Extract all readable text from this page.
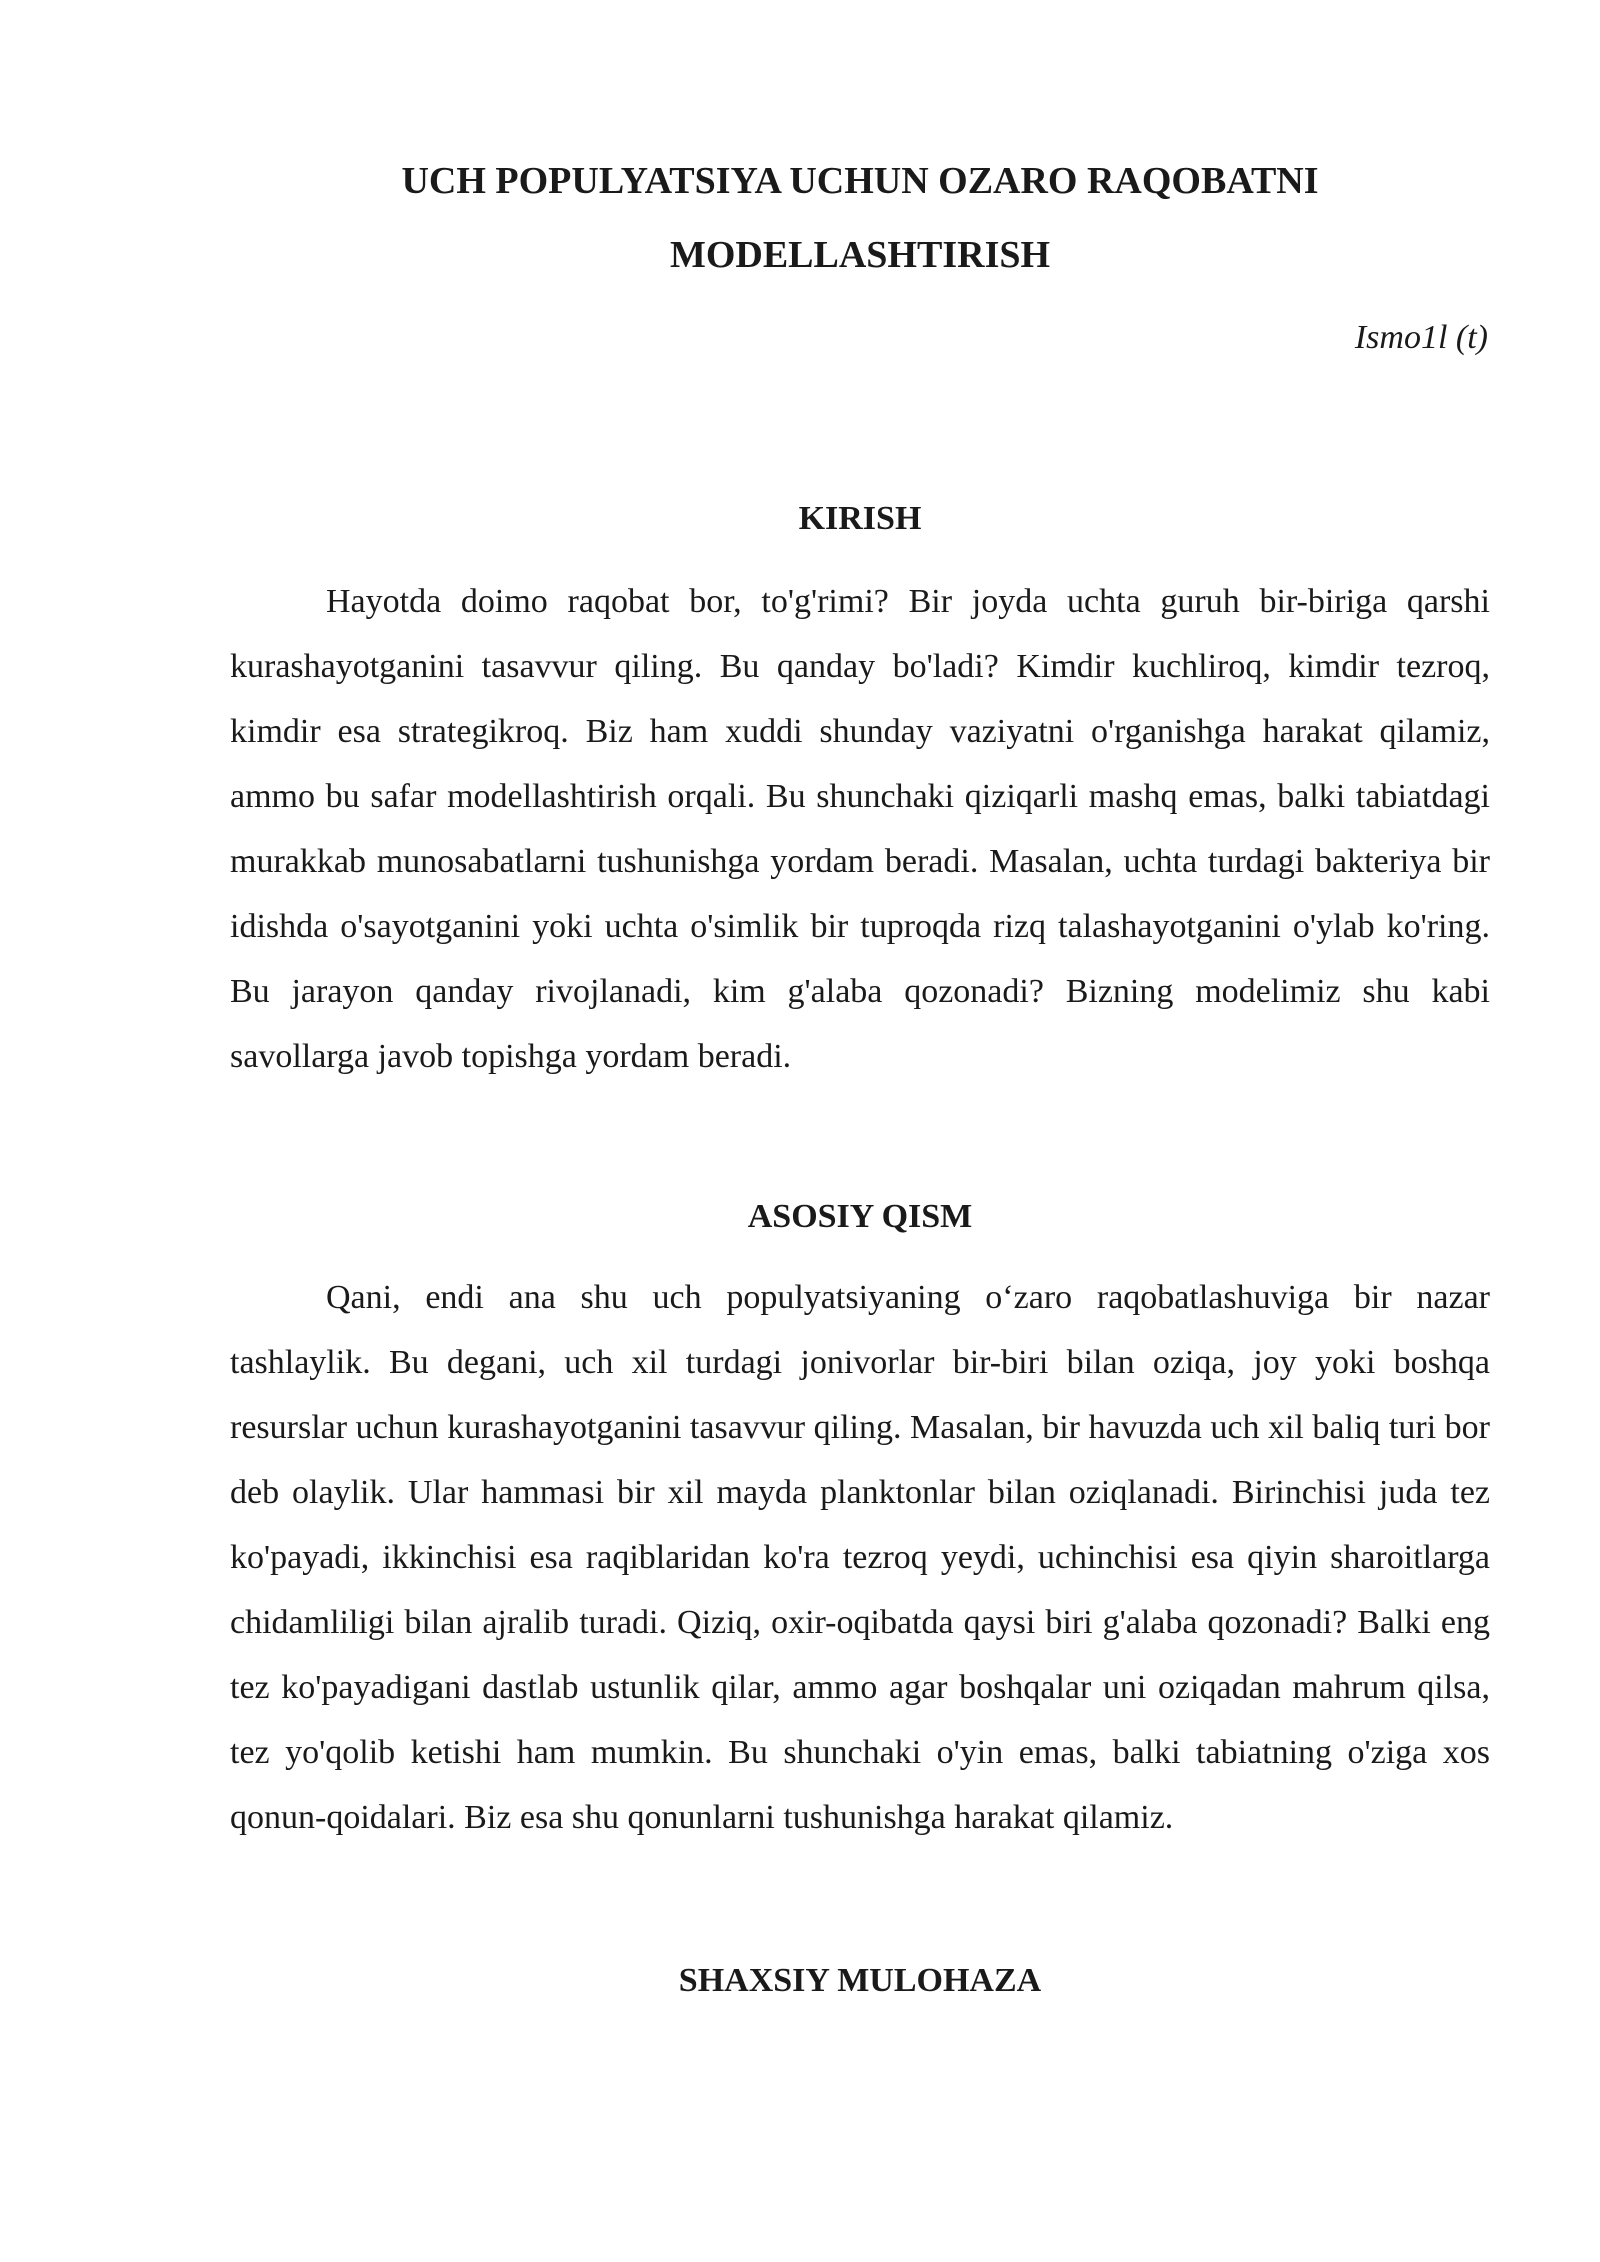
UCH POPULYATSIYA UCHUN OZARO RAQOBATNI MODELLASHTIRISH

Ismo1l (t)

KIRISH

Hayotda doimo raqobat bor, to'g'rimi? Bir joyda uchta guruh bir-biriga qarshi kurashayotganini tasavvur qiling. Bu qanday bo'ladi? Kimdir kuchliroq, kimdir tezroq, kimdir esa strategikroq. Biz ham xuddi shunday vaziyatni o'rganishga harakat qilamiz, ammo bu safar modellashtirish orqali. Bu shunchaki qiziqarli mashq emas, balki tabiatdagi murakkab munosabatlarni tushunishga yordam beradi. Masalan, uchta turdagi bakteriya bir idishda o'sayotganini yoki uchta o'simlik bir tuproqda rizq talashayotganini o'ylab ko'ring. Bu jarayon qanday rivojlanadi, kim g'alaba qozonadi? Bizning modelimiz shu kabi savollarga javob topishga yordam beradi.

ASOSIY QISM

Qani, endi ana shu uch populyatsiyaning o‘zaro raqobatlashuviga bir nazar tashlaylik. Bu degani, uch xil turdagi jonivorlar bir-biri bilan oziqa, joy yoki boshqa resurslar uchun kurashayotganini tasavvur qiling. Masalan, bir havuzda uch xil baliq turi bor deb olaylik. Ular hammasi bir xil mayda planktonlar bilan oziqlanadi. Birinchisi juda tez ko'payadi, ikkinchisi esa raqiblaridan ko'ra tezroq yeydi, uchinchisi esa qiyin sharoitlarga chidamliligi bilan ajralib turadi. Qiziq, oxir-oqibatda qaysi biri g'alaba qozonadi? Balki eng tez ko'payadigani dastlab ustunlik qilar, ammo agar boshqalar uni oziqadan mahrum qilsa, tez yo'qolib ketishi ham mumkin. Bu shunchaki o'yin emas, balki tabiatning o'ziga xos qonun-qoidalari. Biz esa shu qonunlarni tushunishga harakat qilamiz.

SHAXSIY MULOHAZA
